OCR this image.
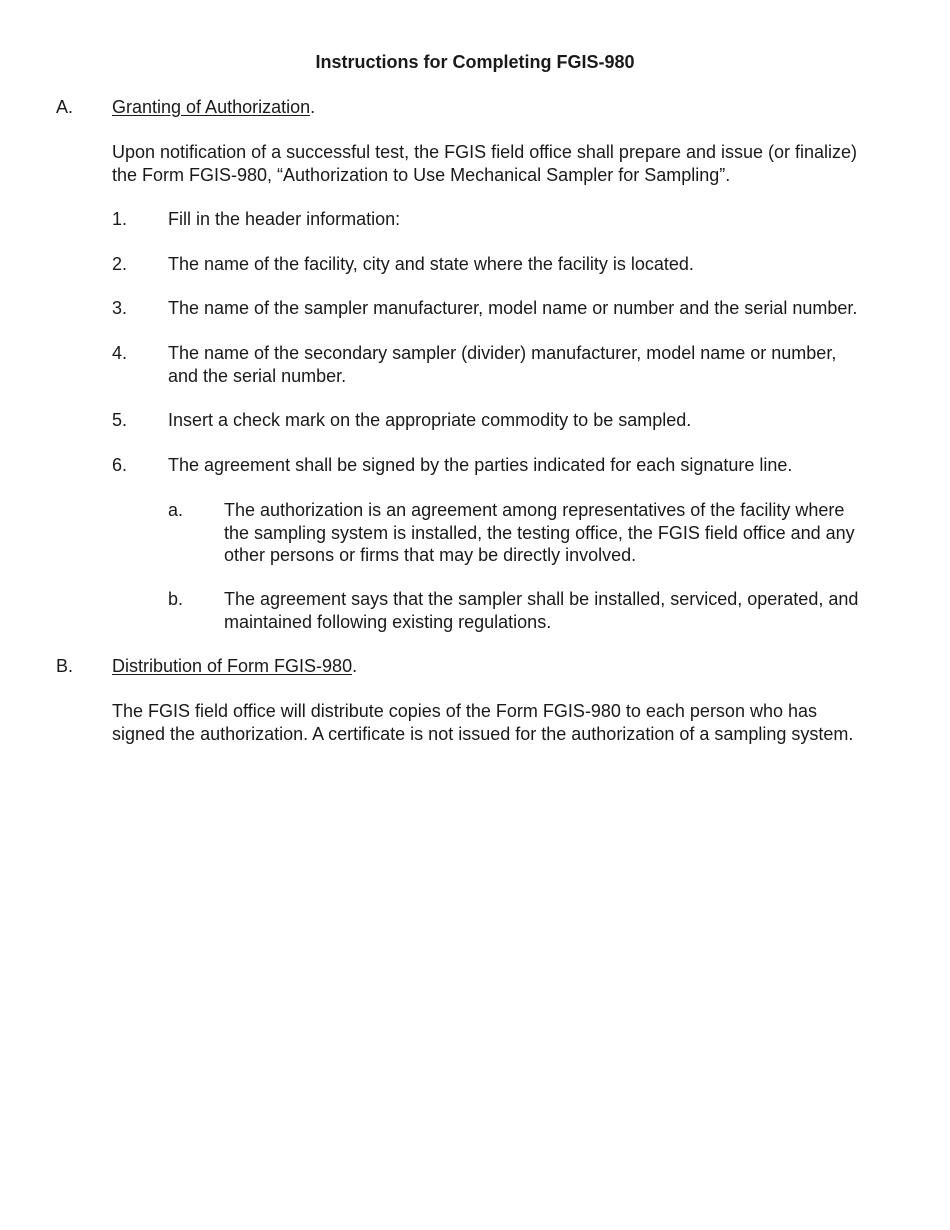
Instructions for Completing FGIS-980
A. Granting of Authorization.
Upon notification of a successful test, the FGIS field office shall prepare and issue (or finalize)
the Form FGIS-980, “Authorization to Use Mechanical Sampler for Sampling”.
1. Fill in the header information:
2. The name of the facility, city and state where the facility is located.
3. The name of the sampler manufacturer, model name or number and the serial number.
4. The name of the secondary sampler (divider) manufacturer, model name or number,
and the serial number.
5. Insert a check mark on the appropriate commodity to be sampled.
6. The agreement shall be signed by the parties indicated for each signature line.
a. The authorization is an agreement among representatives of the facility where
the sampling system is installed, the testing office, the FGIS field office and any
other persons or firms that may be directly involved.
b. The agreement says that the sampler shall be installed, serviced, operated, and
maintained following existing regulations.
B. Distribution of Form FGIS-980.
The FGIS field office will distribute copies of the Form FGIS-980 to each person who has
signed the authorization. A certificate is not issued for the authorization of a sampling system.
